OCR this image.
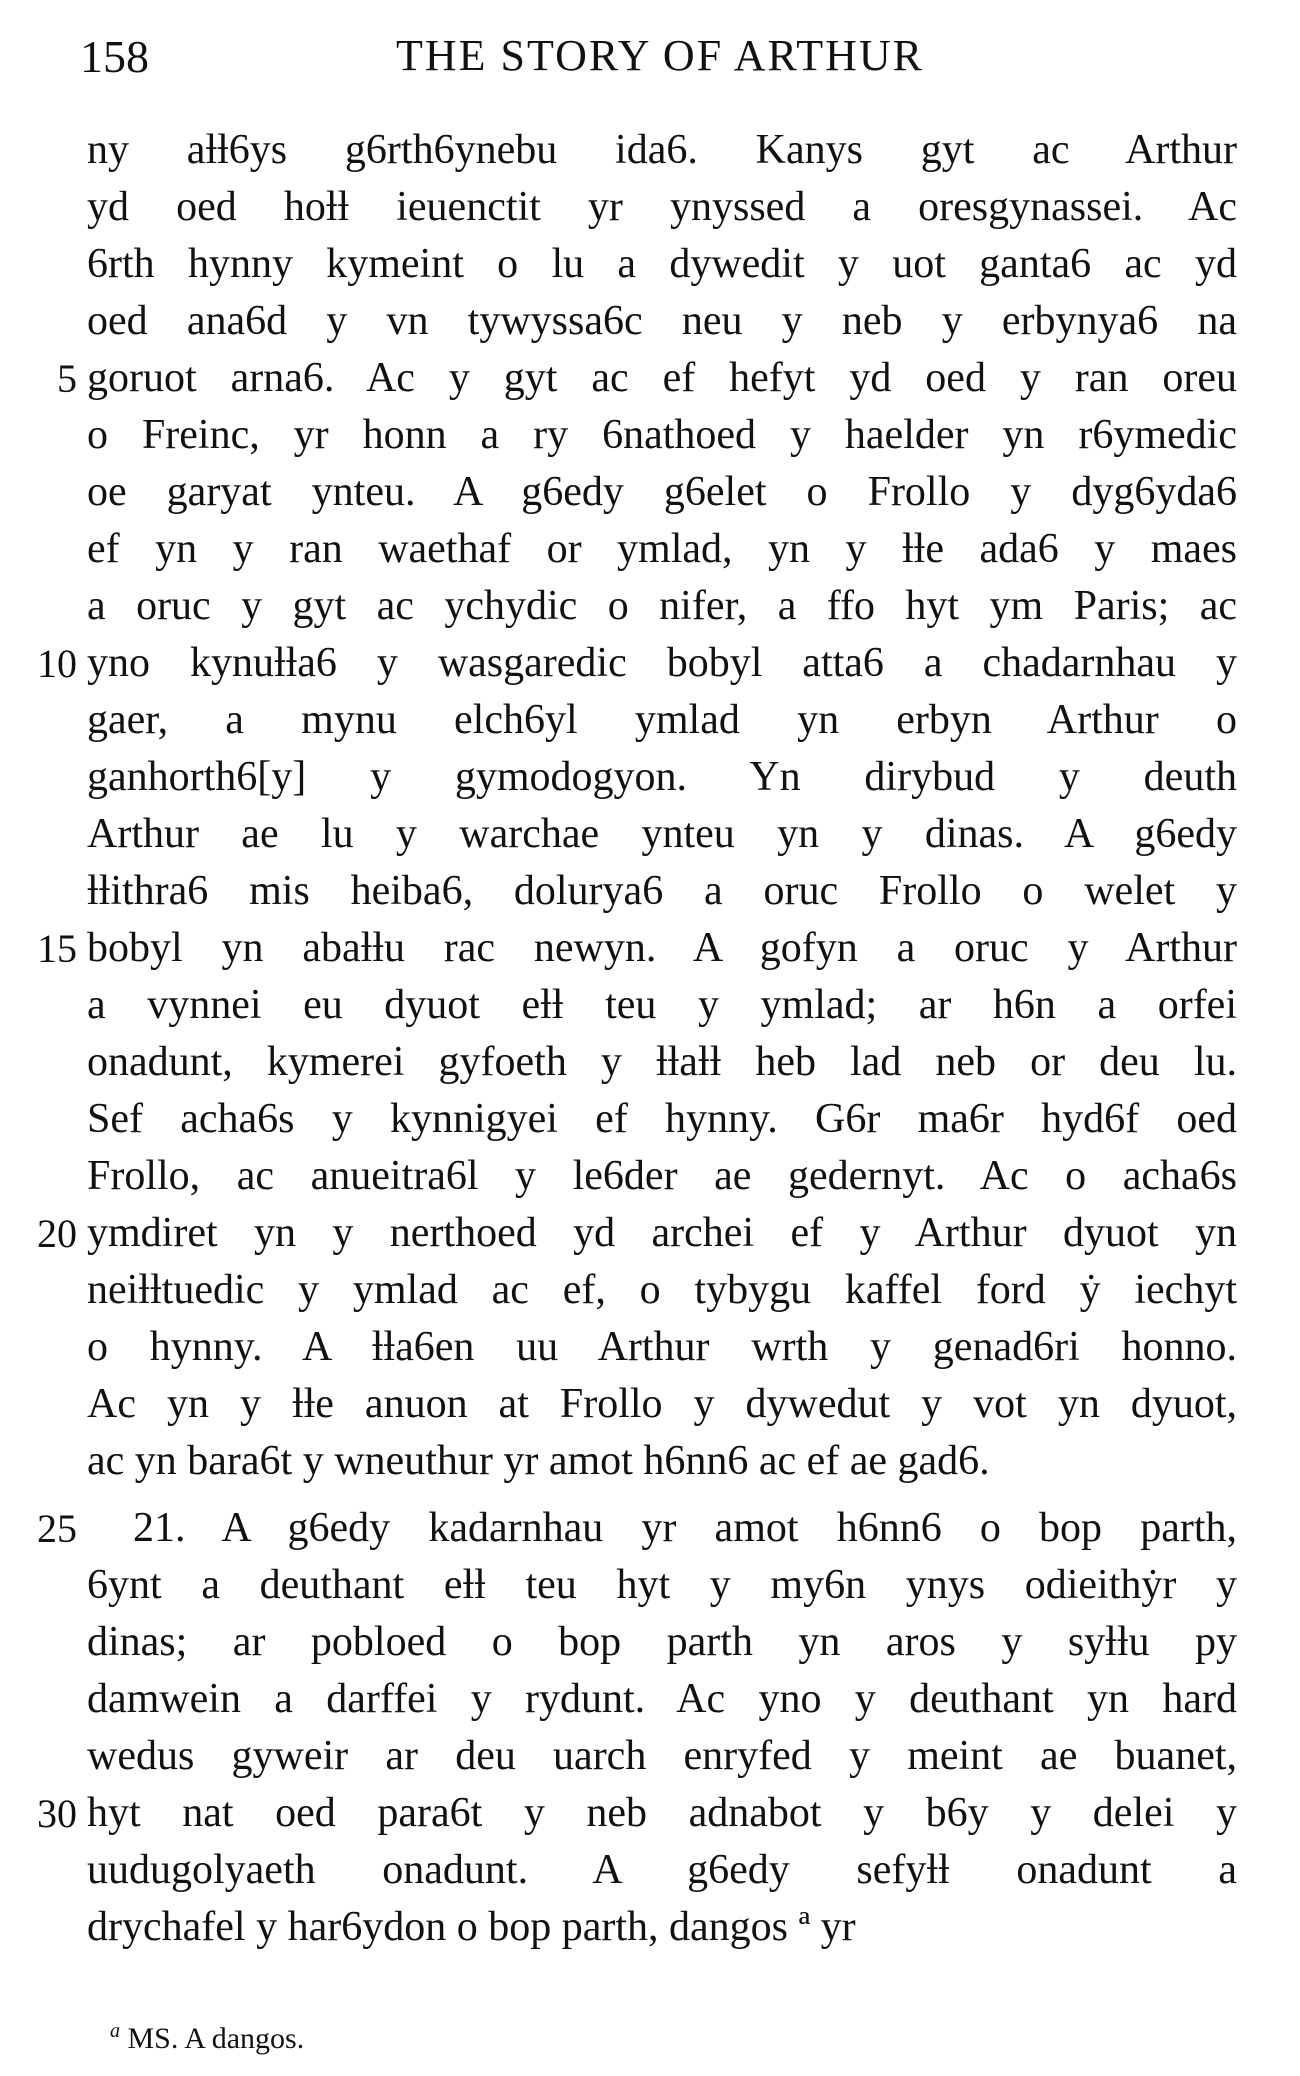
158	THE STORY OF ARTHUR
ny aƚƚ6ys g6rth6ynebu ida6. Kanys gyt ac Arthur
yd oed hoƚƚ ieuenctit yr ynyssed a oresgynassei. Ac
6rth hynny kymeint o lu a dywedit y uot ganta6 ac yd
oed ana6d y vn tywyssa6c neu y neb y erbynya6 na
5 goruot arna6. Ac y gyt ac ef hefyt yd oed y ran oreu
o Freinc, yr honn a ry 6nathoed y haelder yn r6ymedic
oe garyat ynteu. A g6edy g6elet o Frollo y dyg6yda6
ef yn y ran waethaf or ymlad, yn y ƚƚe ada6 y maes
a oruc y gyt ac ychydic o nifer, a ffo hyt ym Paris; ac
10 yno kynuƚƚa6 y wasgaredic bobyl atta6 a chadarnhau y
gaer, a mynu elch6yl ymlad yn erbyn Arthur o
ganhorth6[y] y gymodogyon. Yn dirybud y deuth
Arthur ae lu y warchae ynteu yn y dinas. A g6edy
ƚƚithra6 mis heiba6, dolurya6 a oruc Frollo o welet y
15 bobyl yn abaƚƚu rac newyn. A gofyn a oruc y Arthur
a vynnei eu dyuot eƚƚ teu y ymlad; ar h6n a orfei
onadunt, kymerei gyfoeth y ƚƚaƚƚ heb lad neb or deu lu.
Sef acha6s y kynnigyei ef hynny. G6r ma6r hyd6f oed
Frollo, ac anueitra6l y le6der ae gedernyt. Ac o acha6s
20 ymdiret yn y nerthoed yd archei ef y Arthur dyuot yn
neiƚƚtuedic y ymlad ac ef, o tybygu kaffel ford ẏ iechyt
o hynny. A ƚƚa6en uu Arthur wrth y genad6ri honno.
Ac yn y ƚƚe anuon at Frollo y dywedut y vot yn dyuot,
ac yn bara6t y wneuthur yr amot h6nn6 ac ef ae gad6.
25	21. A g6edy kadarnhau yr amot h6nn6 o bop parth,
6ynt a deuthant eƚƚ teu hyt y my6n ynys odieithẏr y
dinas; ar pobloed o bop parth yn aros y syƚƚu py
damwein a darffei y rydunt. Ac yno y deuthant yn hard
wedus gyweir ar deu uarch enryfed y meint ae buanet,
30 hyt nat oed para6t y neb adnabot y b6y y delei y
uudugolyaeth onadunt. A g6edy sefyƚƚ onadunt a
drychafel y har6ydon o bop parth, dangos ª yr
$^a$ MS. A dangos.
